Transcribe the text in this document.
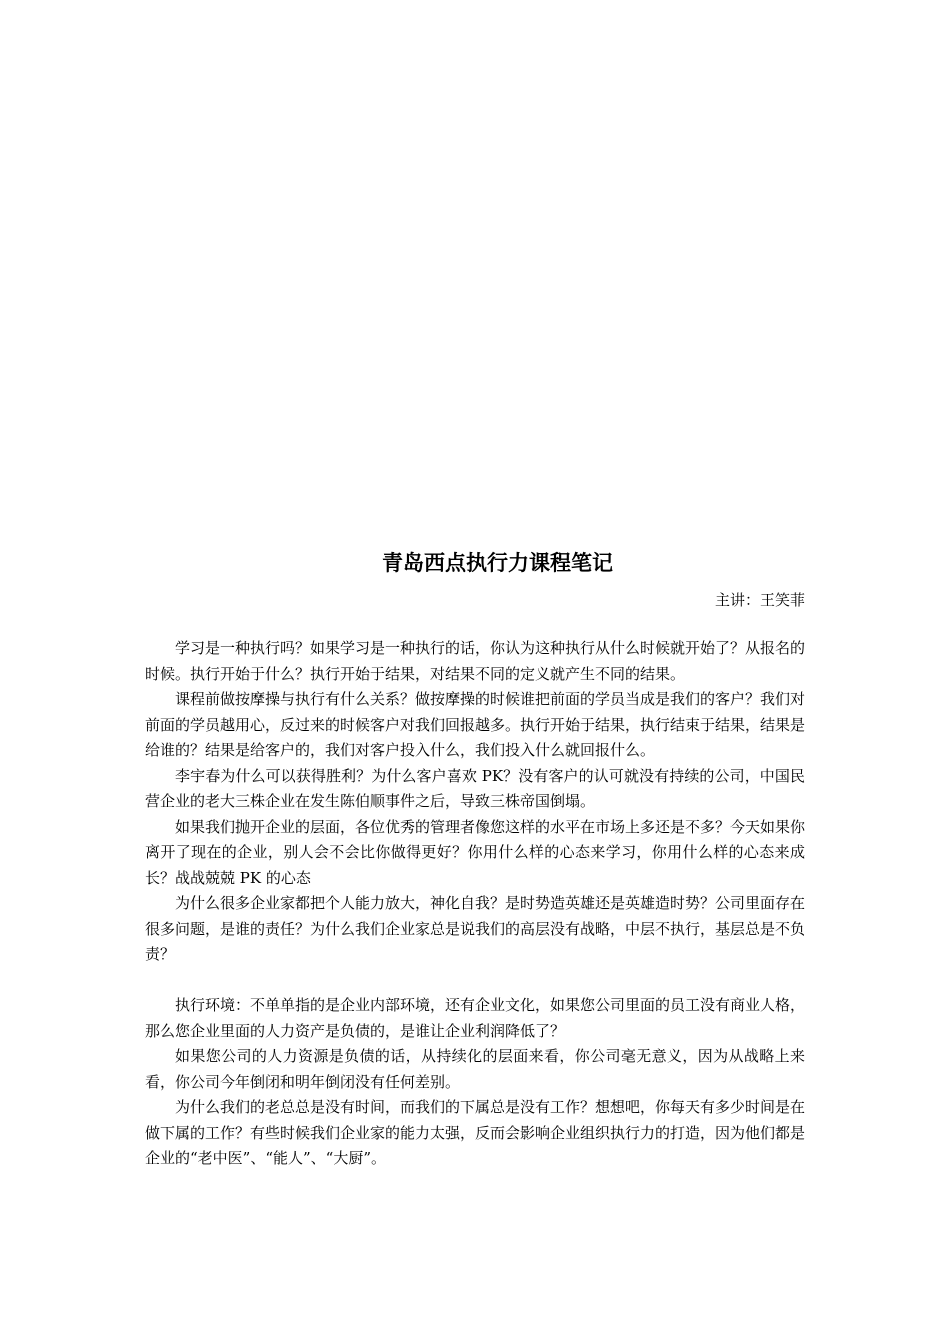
青岛西点执行力课程笔记
主讲：王笑菲

学习是一种执行吗？如果学习是一种执行的话，你认为这种执行从什么时候就开始了？从报名的时候。执行开始于什么？执行开始于结果，对结果不同的定义就产生不同的结果。

课程前做按摩操与执行有什么关系？做按摩操的时候谁把前面的学员当成是我们的客户？我们对前面的学员越用心，反过来的时候客户对我们回报越多。执行开始于结果，执行结束于结果，结果是给谁的？结果是给客户的，我们对客户投入什么，我们投入什么就回报什么。

李宇春为什么可以获得胜利？为什么客户喜欢 PK？没有客户的认可就没有持续的公司，中国民营企业的老大三株企业在发生陈伯顺事件之后，导致三株帝国倒塌。

如果我们抛开企业的层面，各位优秀的管理者像您这样的水平在市场上多还是不多？今天如果你离开了现在的企业，别人会不会比你做得更好？你用什么样的心态来学习，你用什么样的心态来成长？战战兢兢 PK 的心态

为什么很多企业家都把个人能力放大，神化自我？是时势造英雄还是英雄造时势？公司里面存在很多问题，是谁的责任？为什么我们企业家总是说我们的高层没有战略，中层不执行，基层总是不负责？

执行环境：不单单指的是企业内部环境，还有企业文化，如果您公司里面的员工没有商业人格，那么您企业里面的人力资产是负债的，是谁让企业利润降低了？

如果您公司的人力资源是负债的话，从持续化的层面来看，你公司毫无意义，因为从战略上来看，你公司今年倒闭和明年倒闭没有任何差别。

为什么我们的老总总是没有时间，而我们的下属总是没有工作？想想吧，你每天有多少时间是在做下属的工作？有些时候我们企业家的能力太强，反而会影响企业组织执行力的打造，因为他们都是企业的“老中医”、“能人”、“大厨”。
